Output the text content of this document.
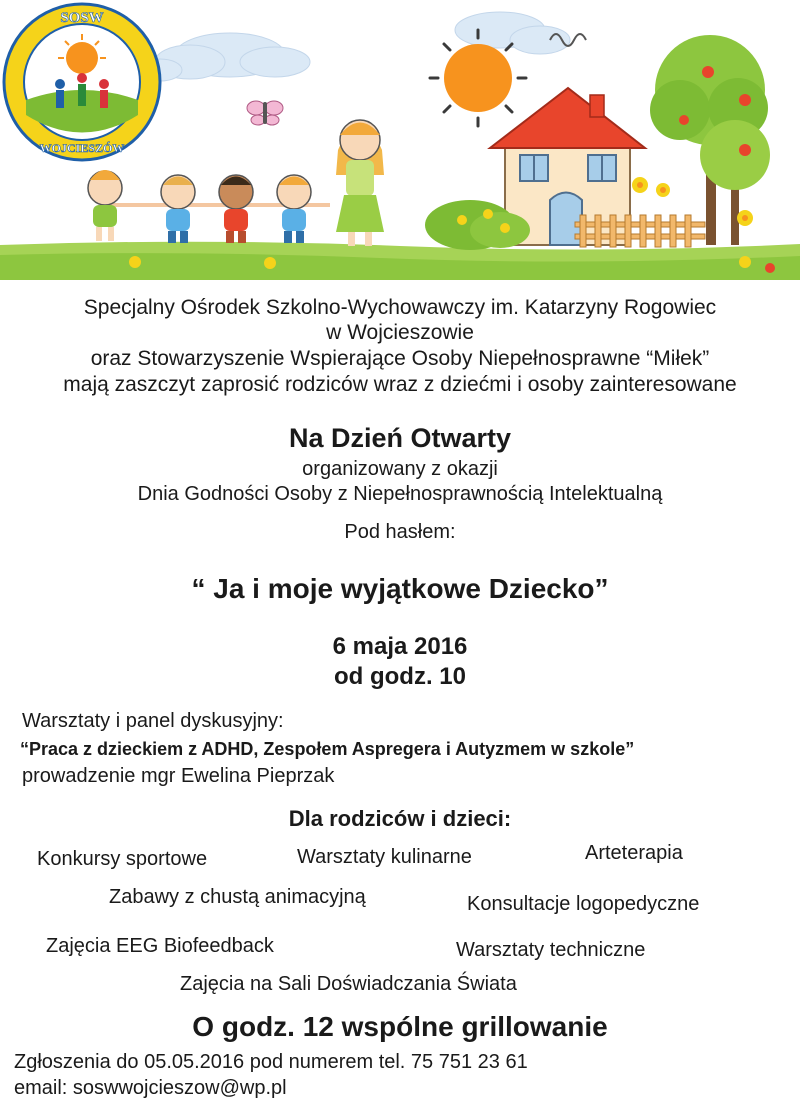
SOSW
WOJCIESZÓW
Specjalny Ośrodek Szkolno-Wychowawczy im. Katarzyny Rogowiec
w Wojcieszowie
oraz Stowarzyszenie Wspierające Osoby Niepełnosprawne “Miłek”
mają zaszczyt zaprosić rodziców wraz z dziećmi i osoby zainteresowane
Na Dzień Otwarty
organizowany z okazji
Dnia Godności Osoby z Niepełnosprawnością Intelektualną
Pod hasłem:
“ Ja i moje wyjątkowe Dziecko”
6 maja 2016
od godz. 10
Warsztaty i panel dyskusyjny:
“Praca z dzieckiem z ADHD, Zespołem Aspregera i Autyzmem w szkole”
prowadzenie mgr Ewelina Pieprzak
Dla rodziców i dzieci:
Konkursy sportowe	Warsztaty kulinarne	Arteterapia
Zabawy z chustą animacyjną	Konsultacje logopedyczne
Zajęcia EEG Biofeedback	Warsztaty techniczne
Zajęcia na Sali Doświadczania Świata
O godz. 12 wspólne grillowanie
Zgłoszenia do 05.05.2016 pod numerem tel. 75 751 23 61
email: soswwojcieszow@wp.pl
